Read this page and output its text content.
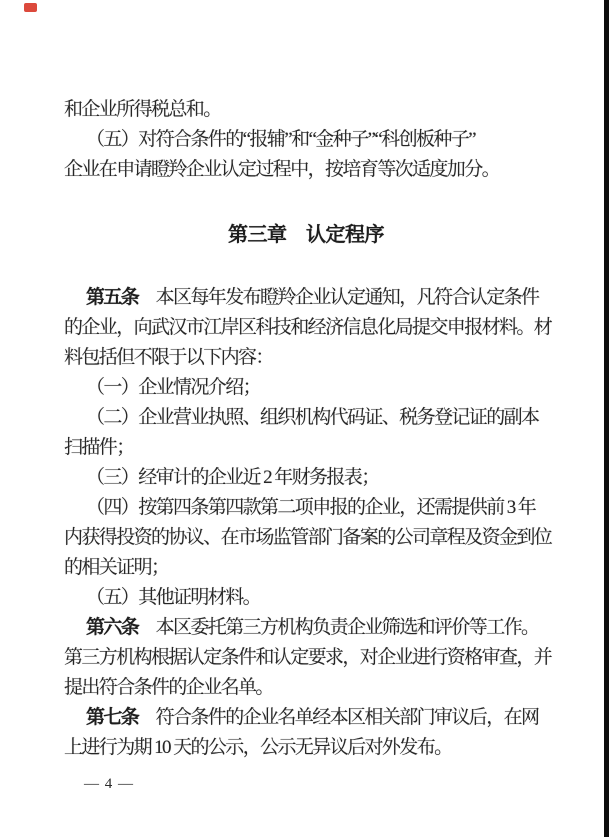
和企业所得税总和。
（五）对符合条件的“报辅”和“金种子”“科创板种子”
企业在申请瞪羚企业认定过程中，按培育等次适度加分。
第三章　认定程序
第五条　本区每年发布瞪羚企业认定通知，凡符合认定条件
的企业，向武汉市江岸区科技和经济信息化局提交申报材料。材
料包括但不限于以下内容：
（一）企业情况介绍；
（二）企业营业执照、组织机构代码证、税务登记证的副本
扫描件；
（三）经审计的企业近 2 年财务报表；
（四）按第四条第四款第二项申报的企业，还需提供前 3 年
内获得投资的协议、在市场监管部门备案的公司章程及资金到位
的相关证明；
（五）其他证明材料。
第六条　本区委托第三方机构负责企业筛选和评价等工作。
第三方机构根据认定条件和认定要求，对企业进行资格审查，并
提出符合条件的企业名单。
第七条　符合条件的企业名单经本区相关部门审议后，在网
上进行为期 10 天的公示，公示无异议后对外发布。
— 4 —
